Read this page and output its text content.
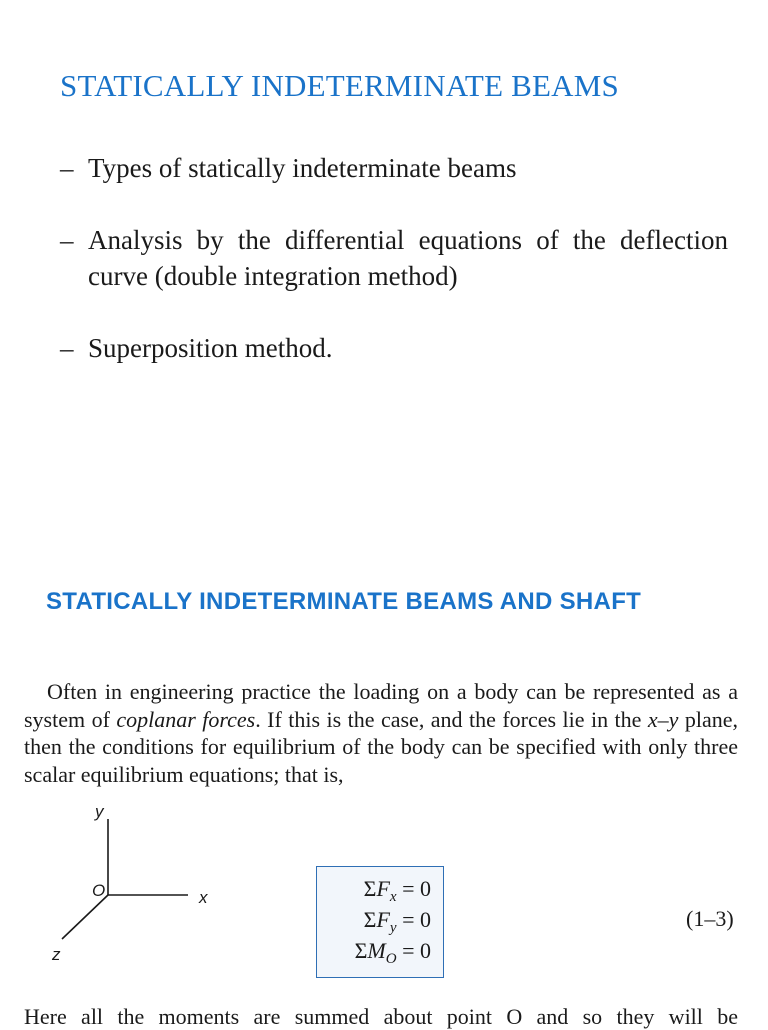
STATICALLY INDETERMINATE BEAMS
– Types of statically indeterminate beams
– Analysis by the differential equations of the deflection curve (double integration method)
– Superposition method.
STATICALLY INDETERMINATE BEAMS AND SHAFT
Often in engineering practice the loading on a body can be represented as a system of coplanar forces. If this is the case, and the forces lie in the x–y plane, then the conditions for equilibrium of the body can be specified with only three scalar equilibrium equations; that is,
y
x
z
O	$\Sigma F_x = 0$
$\Sigma F_y = 0$
$\Sigma M_O = 0$
(1–3)
Here all the moments are summed about point O and so they will be
